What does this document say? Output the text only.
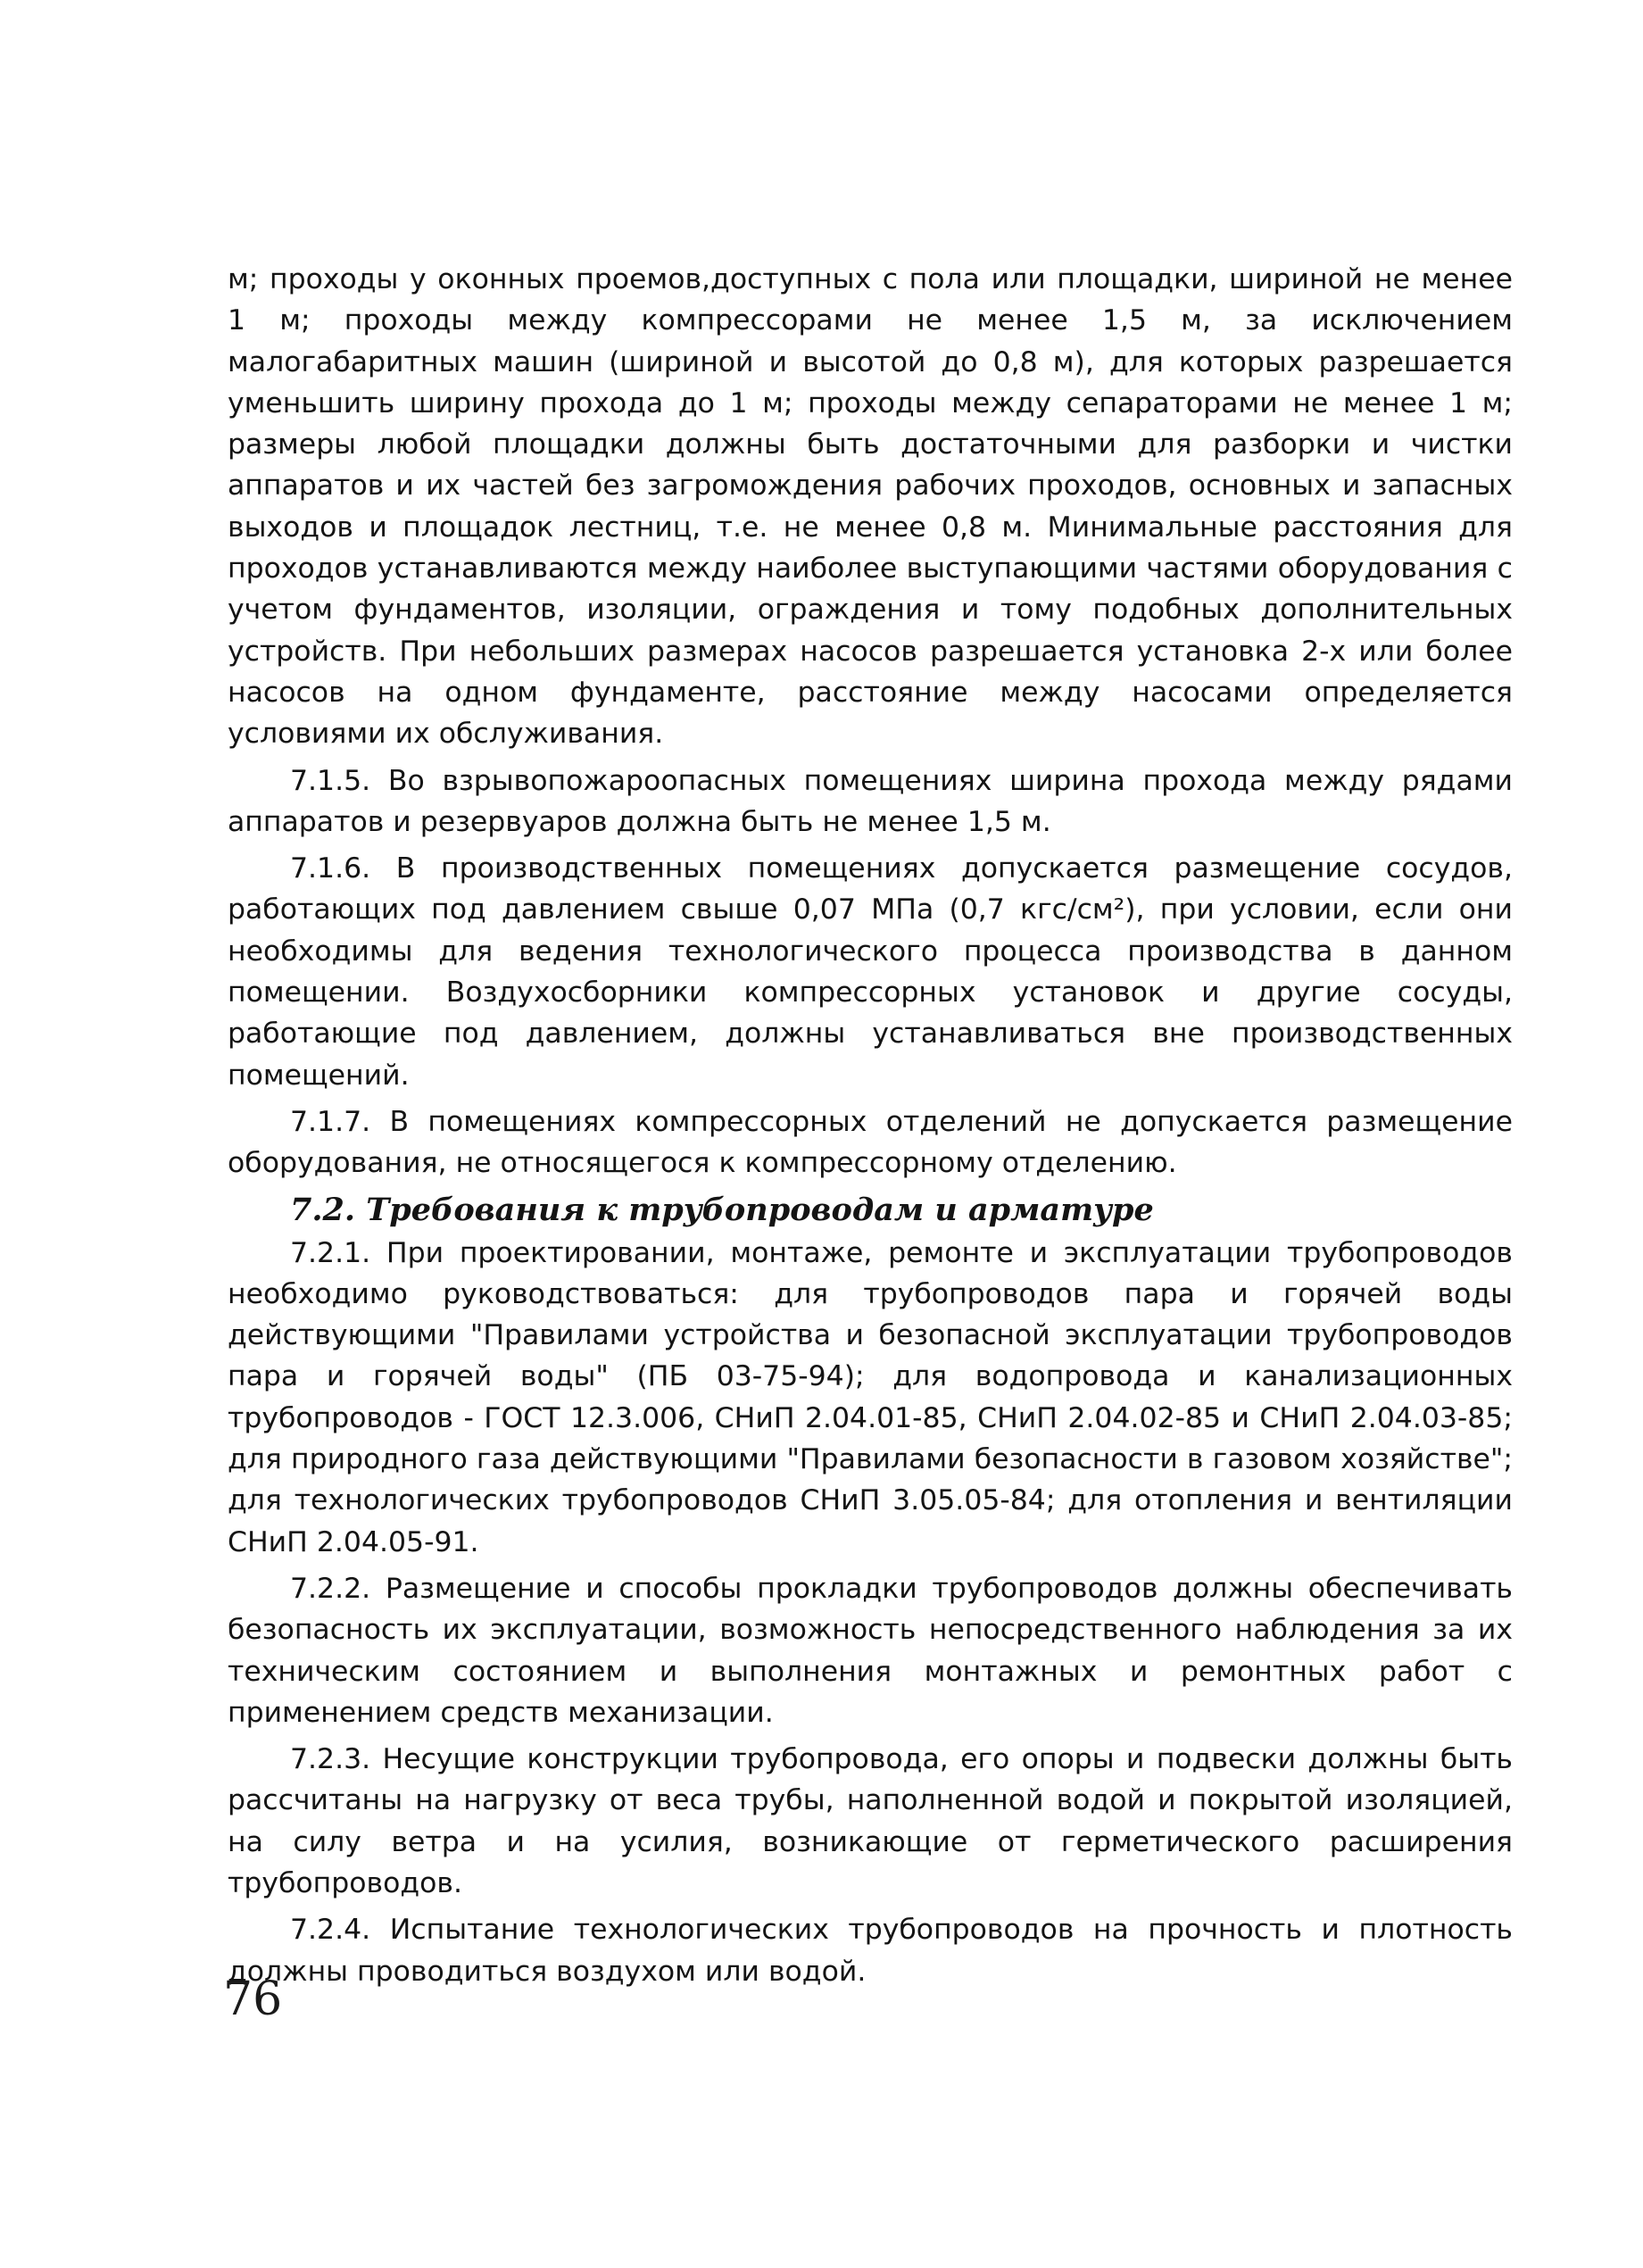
м; проходы у оконных проемов,доступных с пола или площадки, шириной не менее 1 м; проходы между компрессорами не менее 1,5 м, за исключением малогабаритных машин (шириной и высотой до 0,8 м), для которых разрешается уменьшить ширину прохода до 1 м; проходы между сепараторами не менее 1 м; размеры любой площадки должны быть достаточными для разборки и чистки аппаратов и их частей без загромождения рабочих проходов, основных и запасных выходов и площадок лестниц, т.е. не менее 0,8 м. Минимальные расстояния для проходов устанавливаются между наиболее выступающими частями оборудования с учетом фундаментов, изоляции, ограждения и тому подобных дополнительных устройств. При небольших размерах насосов разрешается установка 2-х или более насосов на одном фундаменте, расстояние между насосами определяется условиями их обслуживания.

7.1.5. Во взрывопожароопасных помещениях ширина прохода между рядами аппаратов и резервуаров должна быть не менее 1,5 м.

7.1.6. В производственных помещениях допускается размещение сосудов, работающих под давлением свыше 0,07 МПа (0,7 кгс/см²), при условии, если они необходимы для ведения технологического процесса производства в данном помещении. Воздухосборники компрессорных установок и другие сосуды, работающие под давлением, должны устанавливаться вне производственных помещений.

7.1.7. В помещениях компрессорных отделений не допускается размещение оборудования, не относящегося к компрессорному отделению.

7.2. Требования к трубопроводам и арматуре

7.2.1. При проектировании, монтаже, ремонте и эксплуатации трубопроводов необходимо руководствоваться: для трубопроводов пара и горячей воды действующими "Правилами устройства и безопасной эксплуатации трубопроводов пара и горячей воды" (ПБ 03-75-94); для водопровода и канализационных трубопроводов - ГОСТ 12.3.006, СНиП 2.04.01-85, СНиП 2.04.02-85 и СНиП 2.04.03-85; для природного газа действующими "Правилами безопасности в газовом хозяйстве"; для технологических трубопроводов СНиП 3.05.05-84; для отопления и вентиляции СНиП 2.04.05-91.

7.2.2. Размещение и способы прокладки трубопроводов должны обеспечивать безопасность их эксплуатации, возможность непосредственного наблюдения за их техническим состоянием и выполнения монтажных и ремонтных работ с применением средств механизации.

7.2.3. Несущие конструкции трубопровода, его опоры и подвески должны быть рассчитаны на нагрузку от веса трубы, наполненной водой и покрытой изоляцией, на силу ветра и на усилия, возникающие от герметического расширения трубопроводов.

7.2.4. Испытание технологических трубопроводов на прочность и плотность должны проводиться воздухом или водой.

76
